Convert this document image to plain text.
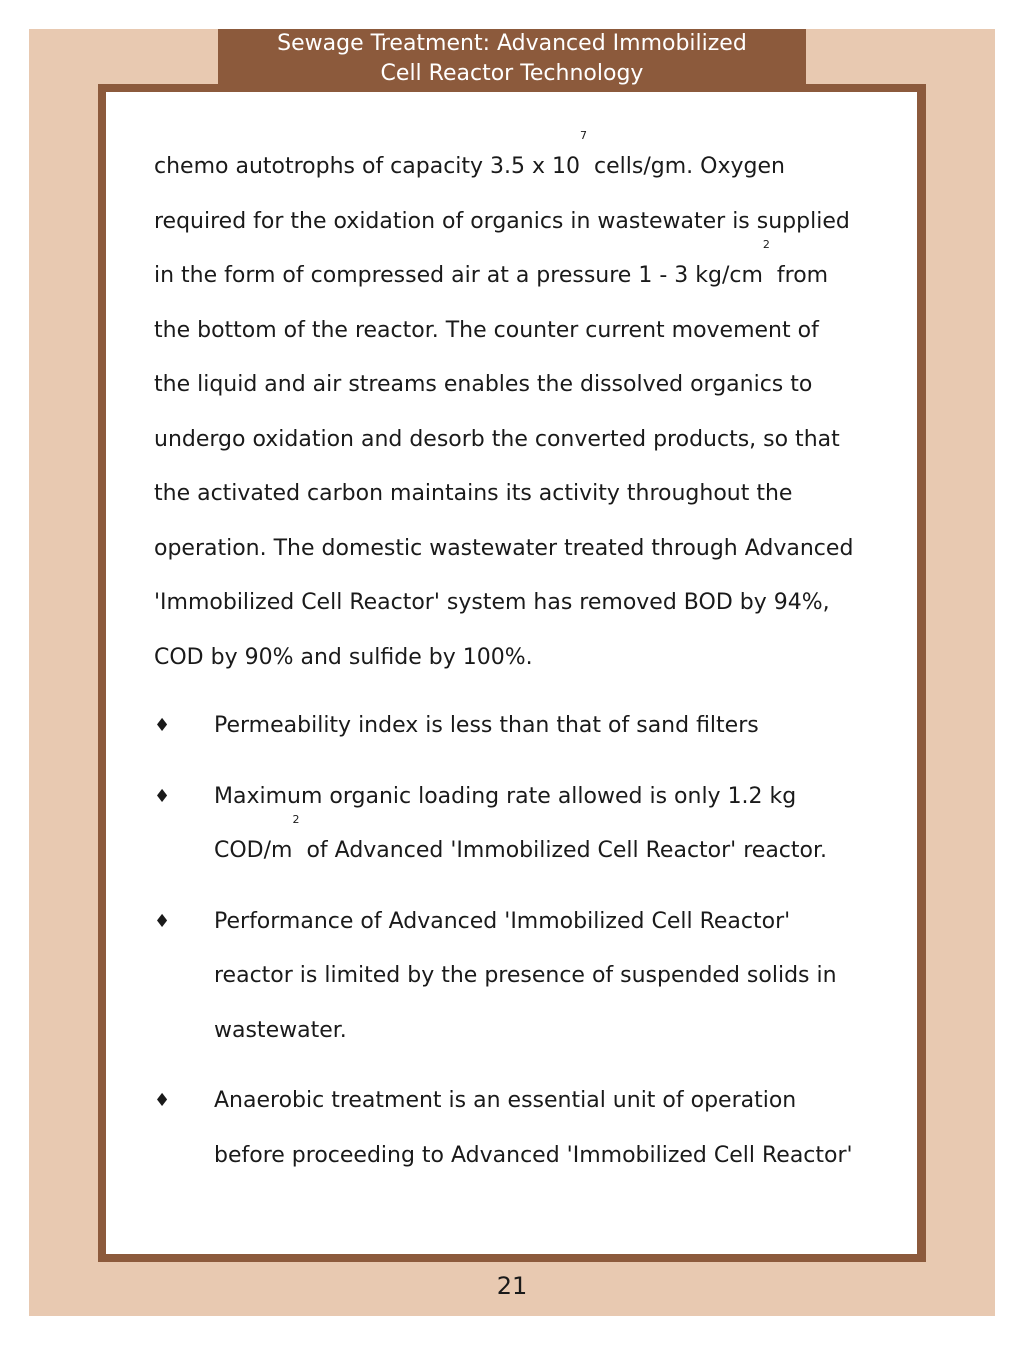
Sewage Treatment: Advanced Immobilized
Cell Reactor Technology

chemo autotrophs of capacity 3.5 x $10^7$ cells/gm. Oxygen
required for the oxidation of organics in wastewater is supplied
in the form of compressed air at a pressure 1 - 3 $kg/cm^2$ from
the bottom of the reactor. The counter current movement of
the liquid and air streams enables the dissolved organics to
undergo oxidation and desorb the converted products, so that
the activated carbon maintains its activity throughout the
operation. The domestic wastewater treated through Advanced
'Immobilized Cell Reactor' system has removed BOD by 94%,
COD by 90% and sulfide by 100%.

♦ Permeability index is less than that of sand filters
♦ Maximum organic loading rate allowed is only 1.2 kg
COD/$m^2$ of Advanced 'Immobilized Cell Reactor' reactor.
♦ Performance of Advanced 'Immobilized Cell Reactor'
reactor is limited by the presence of suspended solids in
wastewater.
♦ Anaerobic treatment is an essential unit of operation
before proceeding to Advanced 'Immobilized Cell Reactor'
21
